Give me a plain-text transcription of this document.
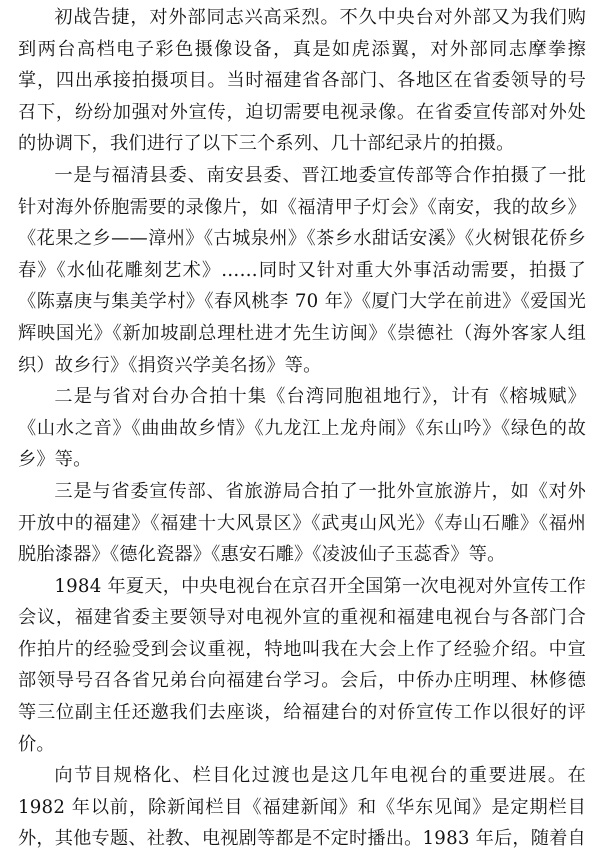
初战告捷，对外部同志兴高采烈。不久中央台对外部又为我们购到两台高档电子彩色摄像设备，真是如虎添翼，对外部同志摩拳擦掌，四出承接拍摄项目。当时福建省各部门、各地区在省委领导的号召下，纷纷加强对外宣传，迫切需要电视录像。在省委宣传部对外处的协调下，我们进行了以下三个系列、几十部纪录片的拍摄。

一是与福清县委、南安县委、晋江地委宣传部等合作拍摄了一批针对海外侨胞需要的录像片，如《福清甲子灯会》《南安，我的故乡》《花果之乡——漳州》《古城泉州》《茶乡水甜话安溪》《火树银花侨乡春》《水仙花雕刻艺术》……同时又针对重大外事活动需要，拍摄了《陈嘉庚与集美学村》《春风桃李 70 年》《厦门大学在前进》《爱国光辉映国光》《新加坡副总理杜进才先生访闽》《崇德社（海外客家人组织）故乡行》《捐资兴学美名扬》等。

二是与省对台办合拍十集《台湾同胞祖地行》，计有《榕城赋》《山水之音》《曲曲故乡情》《九龙江上龙舟闹》《东山吟》《绿色的故乡》等。

三是与省委宣传部、省旅游局合拍了一批外宣旅游片，如《对外开放中的福建》《福建十大风景区》《武夷山风光》《寿山石雕》《福州脱胎漆器》《德化瓷器》《惠安石雕》《凌波仙子玉蕊香》等。

1984 年夏天，中央电视台在京召开全国第一次电视对外宣传工作会议，福建省委主要领导对电视外宣的重视和福建电视台与各部门合作拍片的经验受到会议重视，特地叫我在大会上作了经验介绍。中宣部领导号召各省兄弟台向福建台学习。会后，中侨办庄明理、林修德等三位副主任还邀我们去座谈，给福建台的对侨宣传工作以很好的评价。

向节目规格化、栏目化过渡也是这几年电视台的重要进展。在 1982 年以前，除新闻栏目《福建新闻》和《华东见闻》是定期栏目外，其他专题、社教、电视剧等都是不定时播出。1983 年后，随着自
